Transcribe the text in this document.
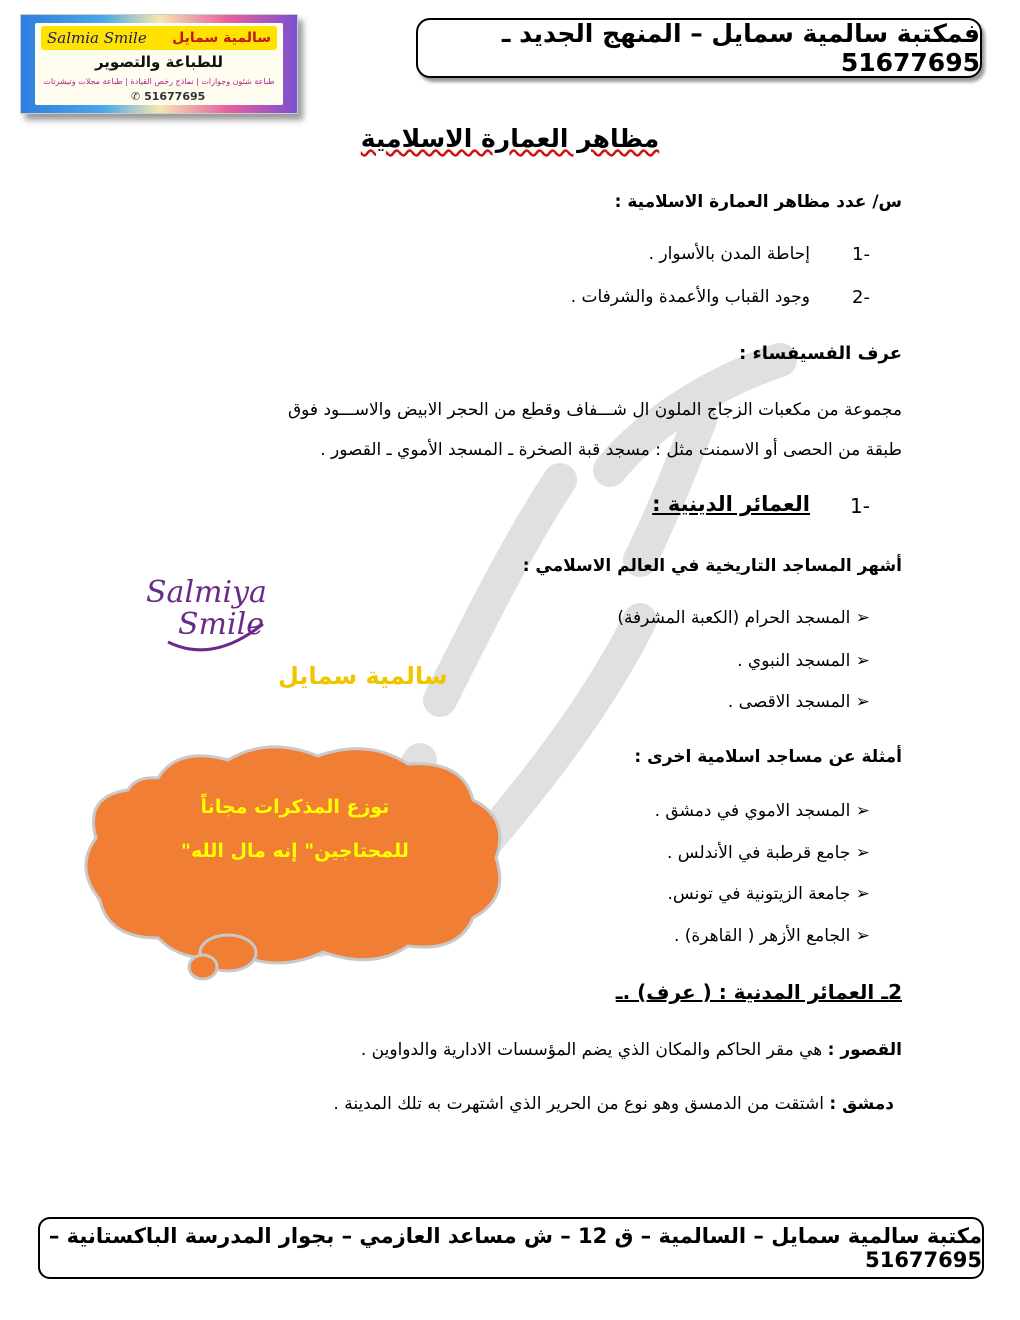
Salmia Smile سالمية سمايل
للطباعة والتصوير
طباعة شئون وجوازات | نماذج رخص القيادة | طباعة مجلات وتيشرتات
✆ 51677695
فمكتبة سالمية سمايل – المنهج الجديد ـ 51677695
مظاهر العمارة الاسلامية
س/ عدد مظاهر العمارة الاسلامية :
-1
إحاطة المدن بالأسوار .
-2
وجود القباب والأعمدة والشرفات .
عرف الفسيفساء :
مجموعة من مكعبات الزجاج الملون ال شـــفاف وقطع من الحجر الابيض والاســـود فوق
طبقة من الحصى أو الاسمنت مثل : مسجد قبة الصخرة ـ المسجد الأموي ـ القصور .
-1
العمائر الدينية :
أشهر المساجد التاريخية في العالم الاسلامي :
➢ المسجد الحرام (الكعبة المشرفة)
➢ المسجد النبوي .
➢ المسجد الاقصى .
أمثلة عن مساجد اسلامية اخرى :
➢ المسجد الاموي في دمشق .
➢ جامع قرطبة في الأندلس .
➢ جامعة الزيتونية في تونس.
➢ الجامع الأزهر ( القاهرة) .
2ـ العمائر المدنية : ( عرف) .ـ
القصور : هي مقر الحاكم والمكان الذي يضم المؤسسات الادارية والدواوين .
دمشق : اشتقت من الدمسق وهو نوع من الحرير الذي اشتهرت به تلك المدينة .
Salmiya
Smile
سالمية سمايل
توزع المذكرات مجاناً
للمحتاجين" إنه مال الله"
مكتبة سالمية سمايل – السالمية – ق 12 – ش مساعد العازمي – بجوار المدرسة الباكستانية – 51677695
